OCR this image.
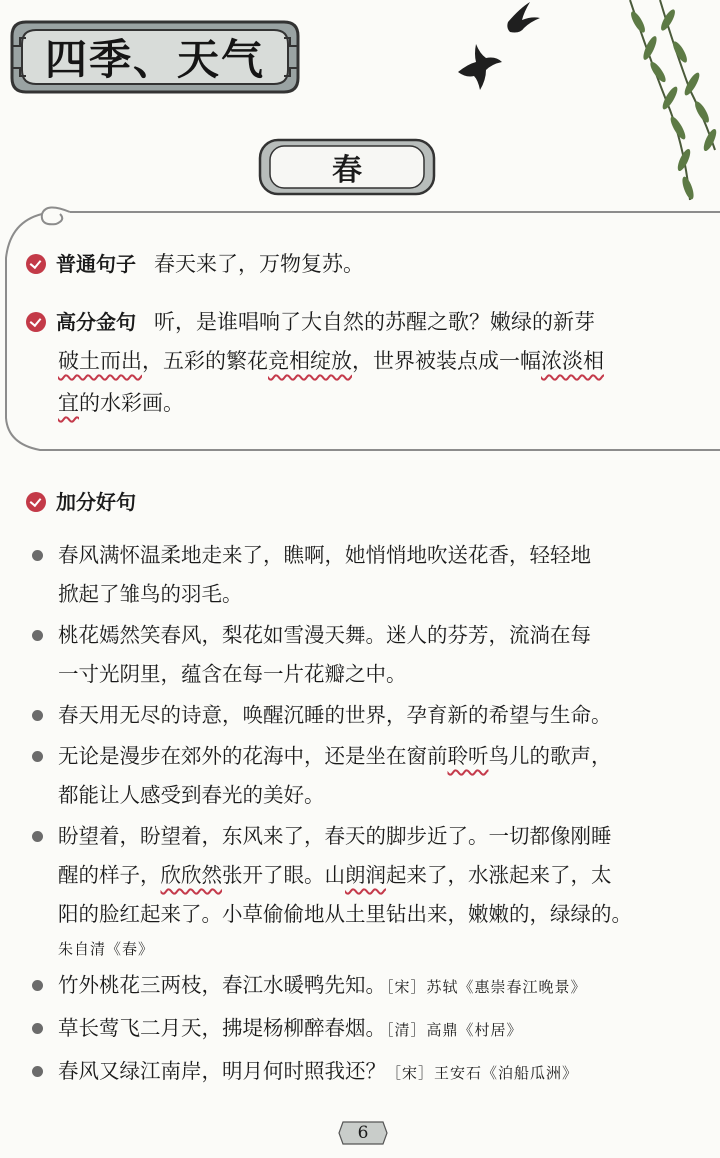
四季、天气
春
普通句子 春天来了，万物复苏。
高分金句 听，是谁唱响了大自然的苏醒之歌？嫩绿的新芽
破土而出，五彩的繁花竞相绽放，世界被装点成一幅浓淡相
宜的水彩画。
加分好句
春风满怀温柔地走来了，瞧啊，她悄悄地吹送花香，轻轻地
掀起了雏鸟的羽毛。
桃花嫣然笑春风，梨花如雪漫天舞。迷人的芬芳，流淌在每
一寸光阴里，蕴含在每一片花瓣之中。
春天用无尽的诗意，唤醒沉睡的世界，孕育新的希望与生命。
无论是漫步在郊外的花海中，还是坐在窗前聆听鸟儿的歌声，
都能让人感受到春光的美好。
盼望着，盼望着，东风来了，春天的脚步近了。一切都像刚睡
醒的样子，欣欣然张开了眼。山朗润起来了，水涨起来了，太
阳的脸红起来了。小草偷偷地从土里钻出来，嫩嫩的，绿绿的。
朱自清《春》
竹外桃花三两枝，春江水暖鸭先知。［宋］苏轼《惠崇春江晚景》
草长莺飞二月天，拂堤杨柳醉春烟。［清］高鼎《村居》
春风又绿江南岸，明月何时照我还？［宋］王安石《泊船瓜洲》
6
